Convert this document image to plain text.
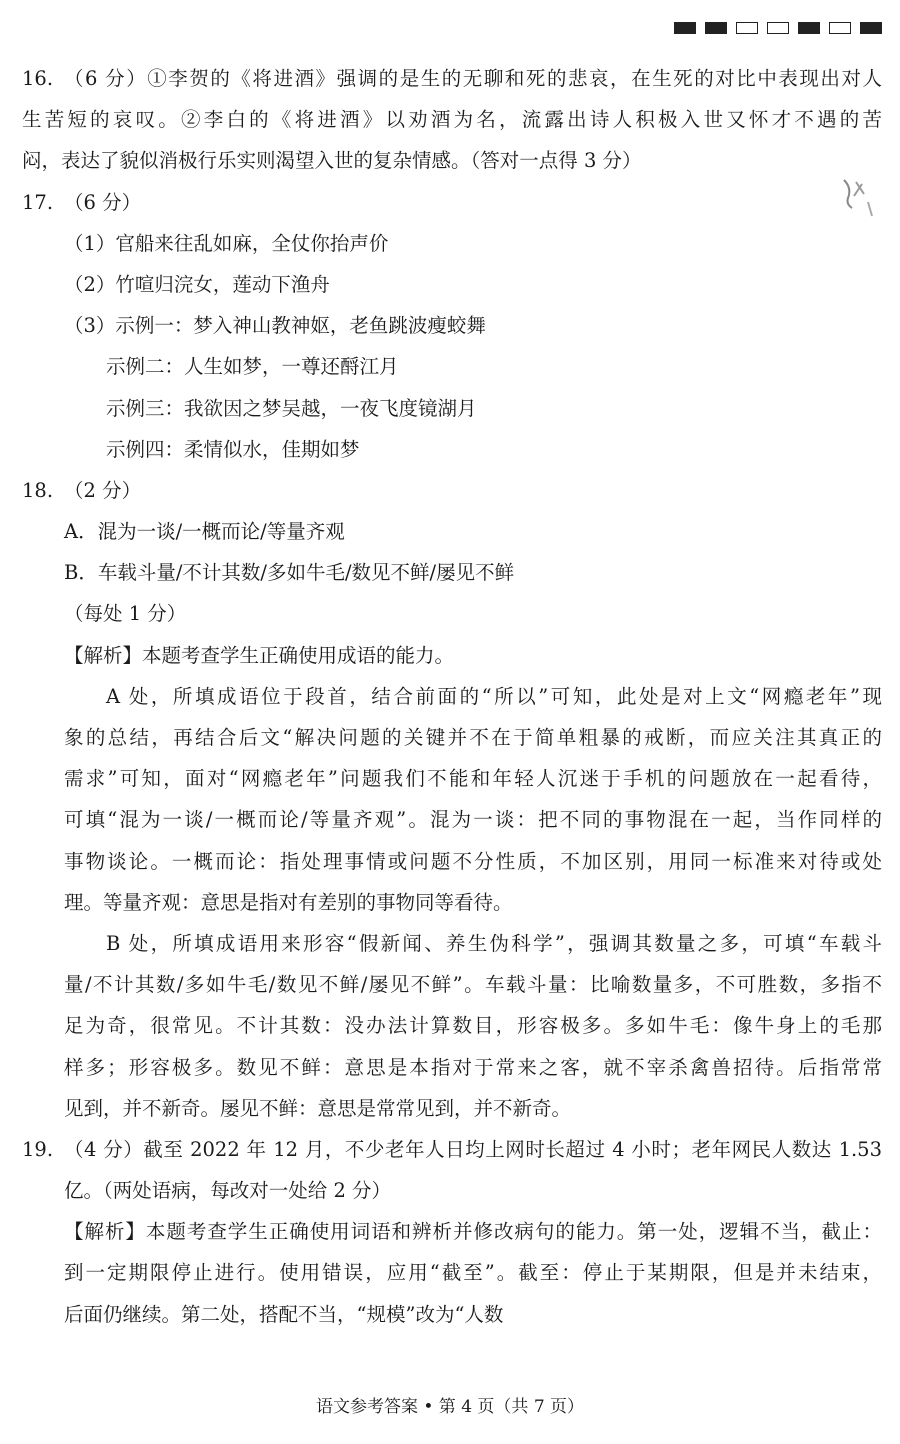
16. （6 分）①李贺的《将进酒》强调的是生的无聊和死的悲哀，在生死的对比中表现出对人
生苦短的哀叹。②李白的《将进酒》以劝酒为名，流露出诗人积极入世又怀才不遇的苦
闷，表达了貌似消极行乐实则渴望入世的复杂情感。（答对一点得 3 分）
17. （6 分）
（1）官船来往乱如麻，全仗你抬声价
（2）竹喧归浣女，莲动下渔舟
（3）示例一：梦入神山教神妪，老鱼跳波瘦蛟舞
示例二：人生如梦，一尊还酹江月
示例三：我欲因之梦吴越，一夜飞度镜湖月
示例四：柔情似水，佳期如梦
18. （2 分）
A．混为一谈/一概而论/等量齐观
B．车载斗量/不计其数/多如牛毛/数见不鲜/屡见不鲜
（每处 1 分）
【解析】本题考查学生正确使用成语的能力。
A 处，所填成语位于段首，结合前面的“所以”可知，此处是对上文“网瘾老年”现
象的总结，再结合后文“解决问题的关键并不在于简单粗暴的戒断，而应关注其真正的
需求”可知，面对“网瘾老年”问题我们不能和年轻人沉迷于手机的问题放在一起看待，
可填“混为一谈/一概而论/等量齐观”。混为一谈：把不同的事物混在一起，当作同样的
事物谈论。一概而论：指处理事情或问题不分性质，不加区别，用同一标准来对待或处
理。等量齐观：意思是指对有差别的事物同等看待。
B 处，所填成语用来形容“假新闻、养生伪科学”，强调其数量之多，可填“车载斗
量/不计其数/多如牛毛/数见不鲜/屡见不鲜”。车载斗量：比喻数量多，不可胜数，多指不
足为奇，很常见。不计其数：没办法计算数目，形容极多。多如牛毛：像牛身上的毛那
样多；形容极多。数见不鲜：意思是本指对于常来之客，就不宰杀禽兽招待。后指常常
见到，并不新奇。屡见不鲜：意思是常常见到，并不新奇。
19. （4 分）截至 2022 年 12 月，不少老年人日均上网时长超过 4 小时；老年网民人数达 1.53
亿。（两处语病，每改对一处给 2 分）
【解析】本题考查学生正确使用词语和辨析并修改病句的能力。第一处，逻辑不当，截止：
到一定期限停止进行。使用错误，应用“截至”。截至：停止于某期限，但是并未结束，
后面仍继续。第二处，搭配不当，“规模”改为“人数
语文参考答案 • 第 4 页（共 7 页）
